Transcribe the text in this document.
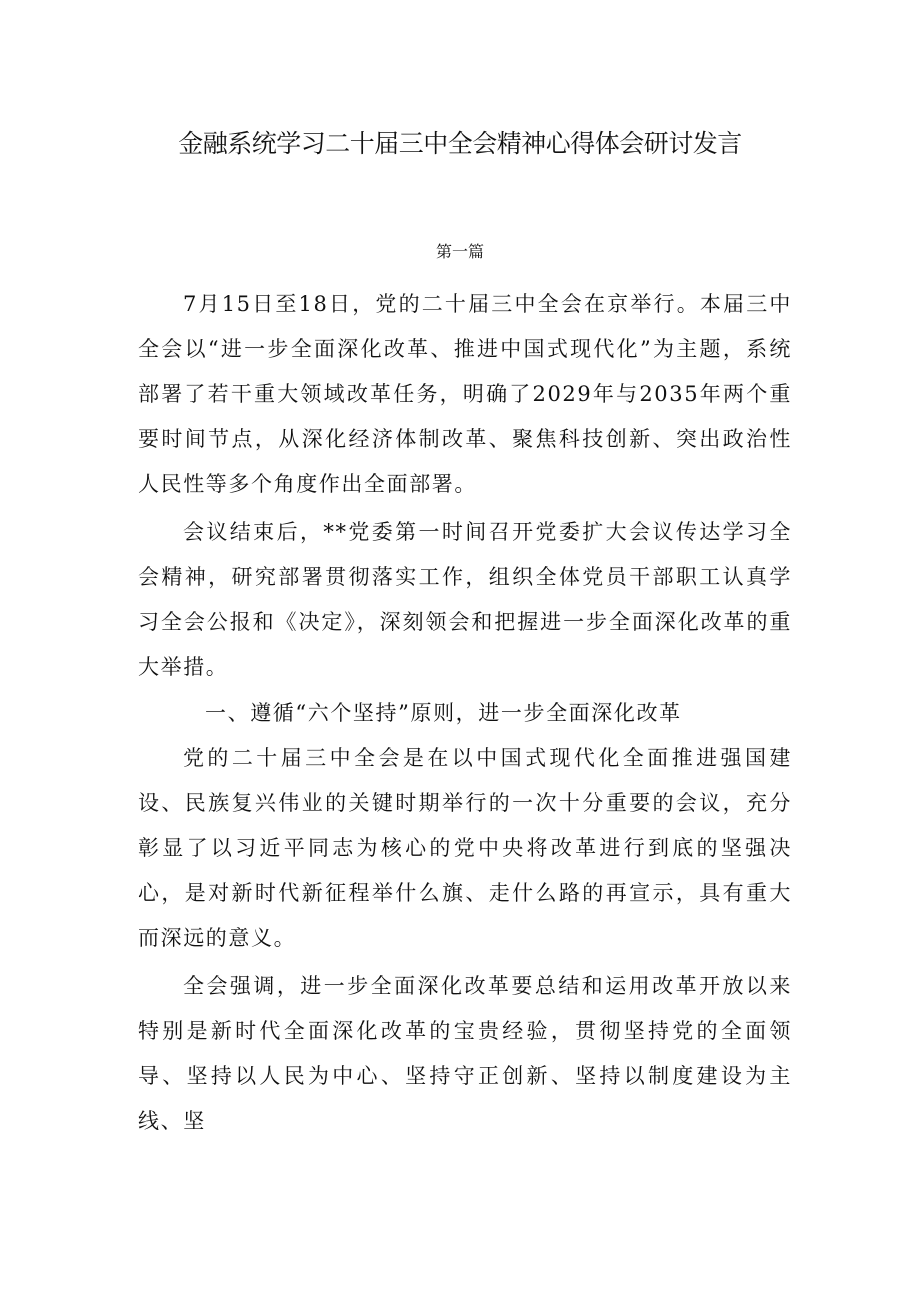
金融系统学习二十届三中全会精神心得体会研讨发言
第一篇

7月15日至18日，党的二十届三中全会在京举行。本届三中全会以“进一步全面深化改革、推进中国式现代化”为主题，系统部署了若干重大领域改革任务，明确了2029年与2035年两个重要时间节点，从深化经济体制改革、聚焦科技创新、突出政治性人民性等多个角度作出全面部署。

会议结束后，**党委第一时间召开党委扩大会议传达学习全会精神，研究部署贯彻落实工作，组织全体党员干部职工认真学习全会公报和《决定》，深刻领会和把握进一步全面深化改革的重大举措。

一、遵循“六个坚持”原则，进一步全面深化改革

党的二十届三中全会是在以中国式现代化全面推进强国建设、民族复兴伟业的关键时期举行的一次十分重要的会议，充分彰显了以习近平同志为核心的党中央将改革进行到底的坚强决心，是对新时代新征程举什么旗、走什么路的再宣示，具有重大而深远的意义。

全会强调，进一步全面深化改革要总结和运用改革开放以来特别是新时代全面深化改革的宝贵经验，贯彻坚持党的全面领导、坚持以人民为中心、坚持守正创新、坚持以制度建设为主线、坚
